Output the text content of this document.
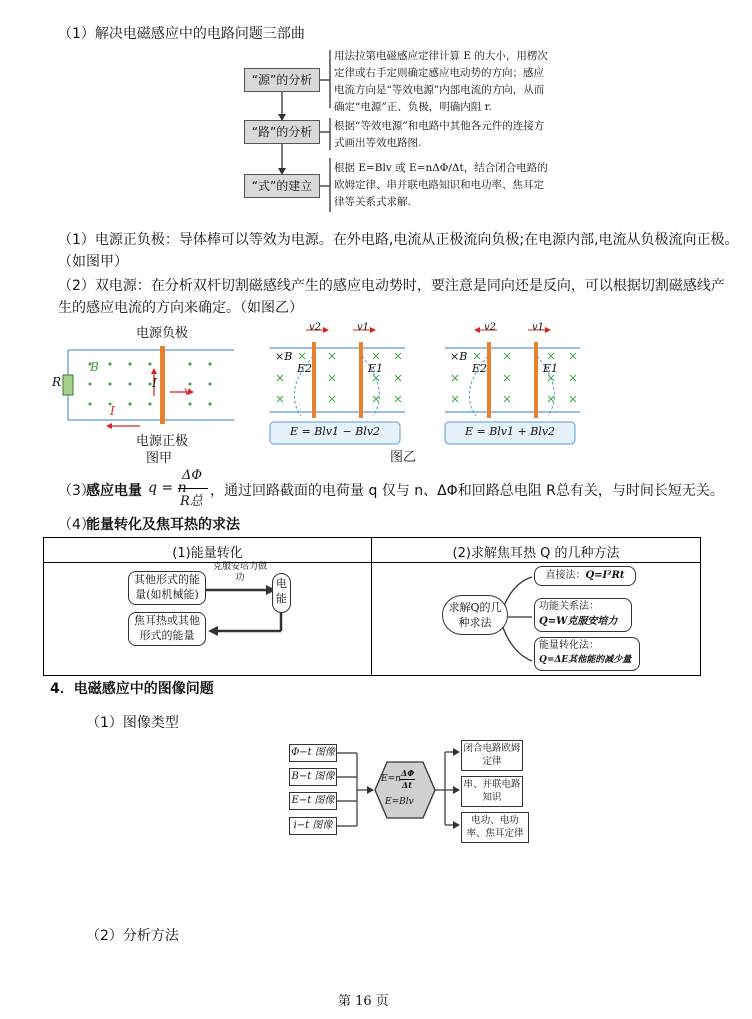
（1）解决电磁感应中的电路问题三部曲
“源”的分析
“路”的分析
“式”的建立
用法拉第电磁感应定律计算 E 的大小，用楞次定律或右手定则确定感应电动势的方向；感应电流方向是“等效电源”内部电流的方向，从而确定“电源”正、负极，明确内阻 r.
根据“等效电源”和电路中其他各元件的连接方式画出等效电路图.
根据 E=Blv 或 E=nΔΦ/Δt，结合闭合电路的欧姆定律、串并联电路知识和电功率、焦耳定律等关系式求解.
（1）电源正负极：导体棒可以等效为电源。在外电路,电流从正极流向负极;在电源内部,电流从负极流向正极。
（如图甲）
（2）双电源：在分析双杆切割磁感线产生的感应电动势时，要注意是同向还是反向，可以根据切割磁感线产
生的感应电流的方向来确定。（如图乙）
电源负极
R
B
I
v
I
电源正极
图甲
v2	v1
×B
E2	E1
E = Blv1 − Blv2
v2	v1
×B
E2	E1
E = Blv1 + Blv2
图乙
（3）
感应电量 q = n
ΔΦ
R总
，通过回路截面的电荷量 q 仅与 n、ΔΦ和回路总电阻 R总有关，与时间长短无关。
（4）
能量转化及焦耳热的求法
(1)能量转化	(2)求解焦耳热 Q 的几种方法
其他形式的能量(如机械能)
克服安培力做功	电能
焦耳热或其他形式的能量
求解Q的几种求法
直接法：Q=I²Rt
功能关系法：
Q=W克服安培力
能量转化法：
Q=ΔE其他能的减少量
4．电磁感应中的图像问题
（1）图像类型
Φ−t 图像
B−t 图像
E−t 图像
i−t 图像
E=n
ΔΦ
Δt
E=Blv
闭合电路欧姆定律
串、并联电路知识
电功、电功率、焦耳定律
（2）分析方法
第 16 页
